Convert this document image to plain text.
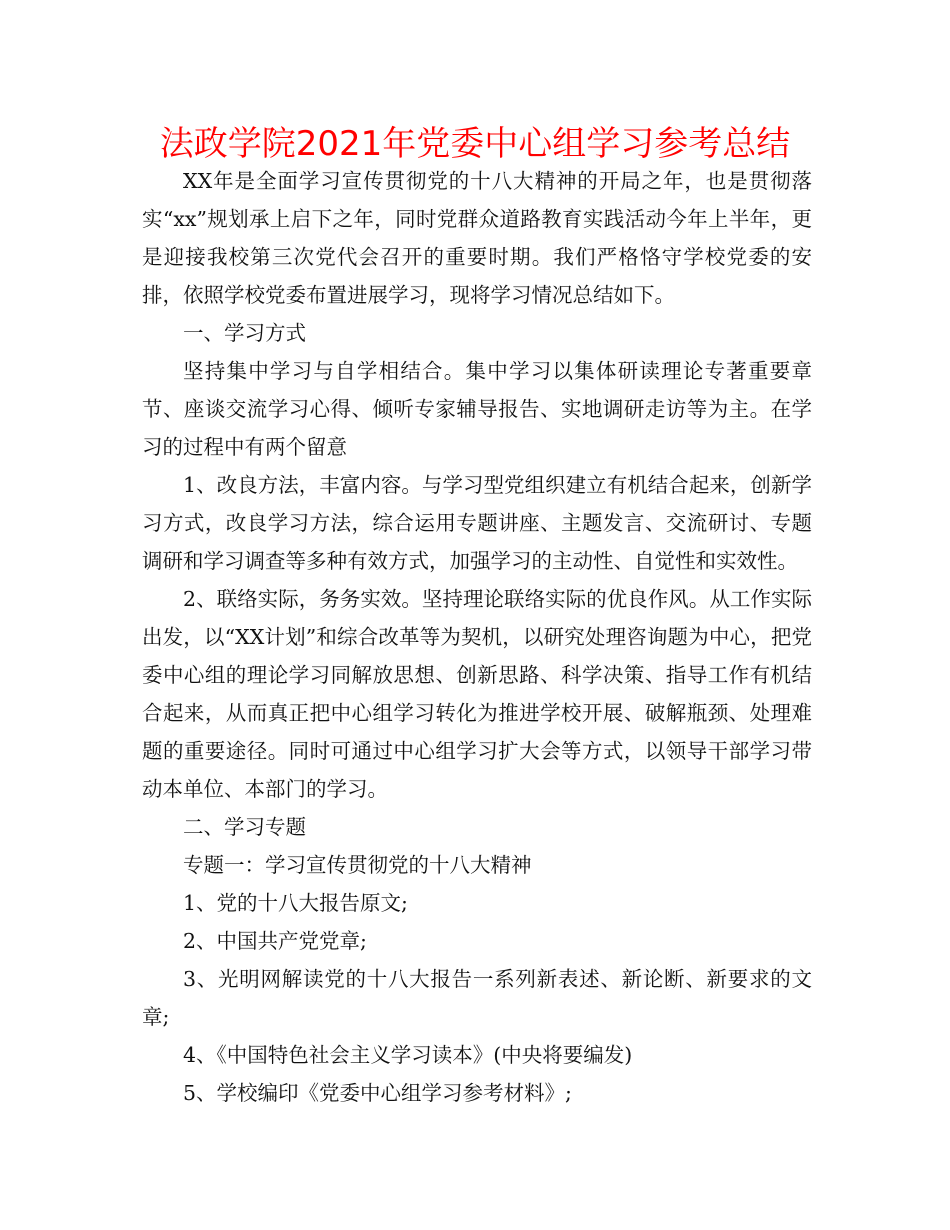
法政学院2021年党委中心组学习参考总结

XX年是全面学习宣传贯彻党的十八大精神的开局之年，也是贯彻落实“xx”规划承上启下之年，同时党群众道路教育实践活动今年上半年，更是迎接我校第三次党代会召开的重要时期。我们严格恪守学校党委的安排，依照学校党委布置进展学习，现将学习情况总结如下。

一、学习方式

坚持集中学习与自学相结合。集中学习以集体研读理论专著重要章节、座谈交流学习心得、倾听专家辅导报告、实地调研走访等为主。在学习的过程中有两个留意

1、改良方法，丰富内容。与学习型党组织建立有机结合起来，创新学习方式，改良学习方法，综合运用专题讲座、主题发言、交流研讨、专题调研和学习调查等多种有效方式，加强学习的主动性、自觉性和实效性。

2、联络实际，务务实效。坚持理论联络实际的优良作风。从工作实际出发，以“XX计划”和综合改革等为契机，以研究处理咨询题为中心，把党委中心组的理论学习同解放思想、创新思路、科学决策、指导工作有机结合起来，从而真正把中心组学习转化为推进学校开展、破解瓶颈、处理难题的重要途径。同时可通过中心组学习扩大会等方式，以领导干部学习带动本单位、本部门的学习。

二、学习专题

专题一：学习宣传贯彻党的十八大精神

1、党的十八大报告原文;

2、中国共产党党章;

3、光明网解读党的十八大报告一系列新表述、新论断、新要求的文章;

4、《中国特色社会主义学习读本》(中央将要编发)

5、学校编印《党委中心组学习参考材料》;
